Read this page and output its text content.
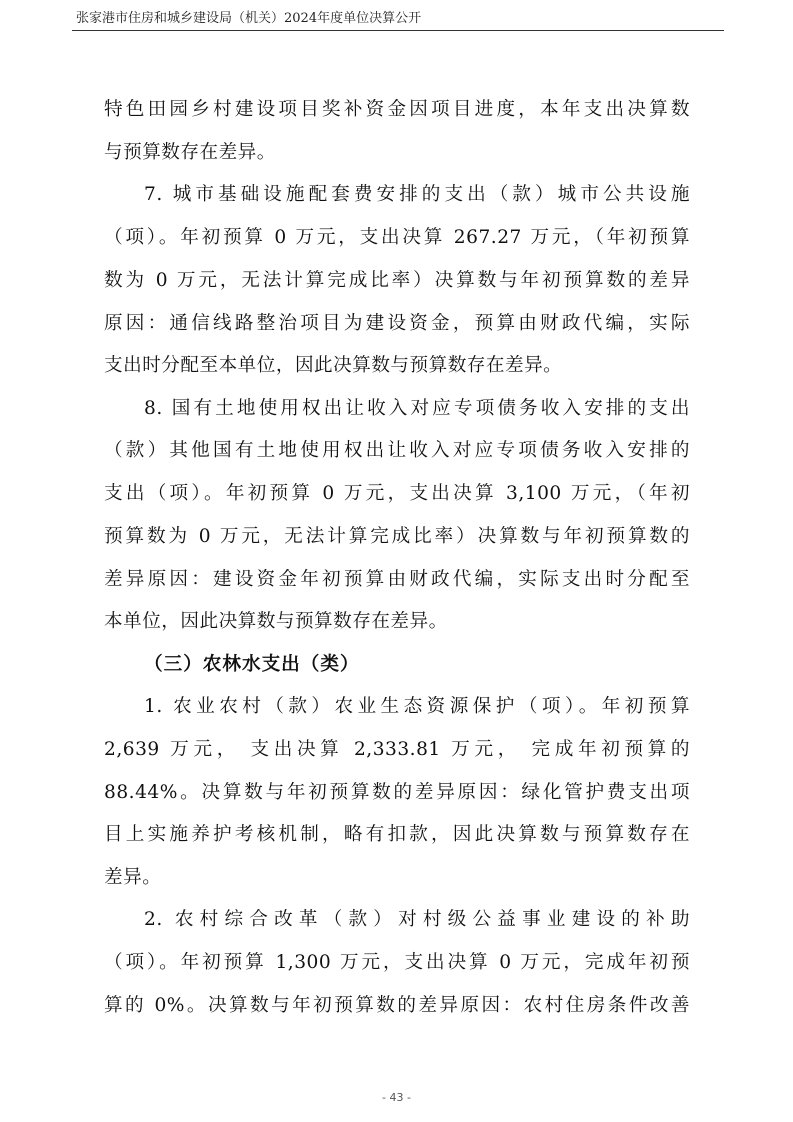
张家港市住房和城乡建设局（机关）2024年度单位决算公开
特色田园乡村建设项目奖补资金因项目进度，本年支出决算数
与预算数存在差异。
7. 城市基础设施配套费安排的支出（款）城市公共设施
（项）。年初预算 0 万元，支出决算 267.27 万元，（年初预算
数为 0 万元，无法计算完成比率）决算数与年初预算数的差异
原因：通信线路整治项目为建设资金，预算由财政代编，实际
支出时分配至本单位，因此决算数与预算数存在差异。
8. 国有土地使用权出让收入对应专项债务收入安排的支出
（款）其他国有土地使用权出让收入对应专项债务收入安排的
支出（项）。年初预算 0 万元，支出决算 3,100 万元，（年初
预算数为 0 万元，无法计算完成比率）决算数与年初预算数的
差异原因：建设资金年初预算由财政代编，实际支出时分配至
本单位，因此决算数与预算数存在差异。
（三）农林水支出（类）
1. 农业农村（款）农业生态资源保护（项）。年初预算
2,639 万元， 支出决算 2,333.81 万元， 完成年初预算的
88.44%。决算数与年初预算数的差异原因：绿化管护费支出项
目上实施养护考核机制，略有扣款，因此决算数与预算数存在
差异。
2. 农村综合改革（款）对村级公益事业建设的补助
（项）。年初预算 1,300 万元，支出决算 0 万元，完成年初预
算的 0%。决算数与年初预算数的差异原因：农村住房条件改善
- 43 -
